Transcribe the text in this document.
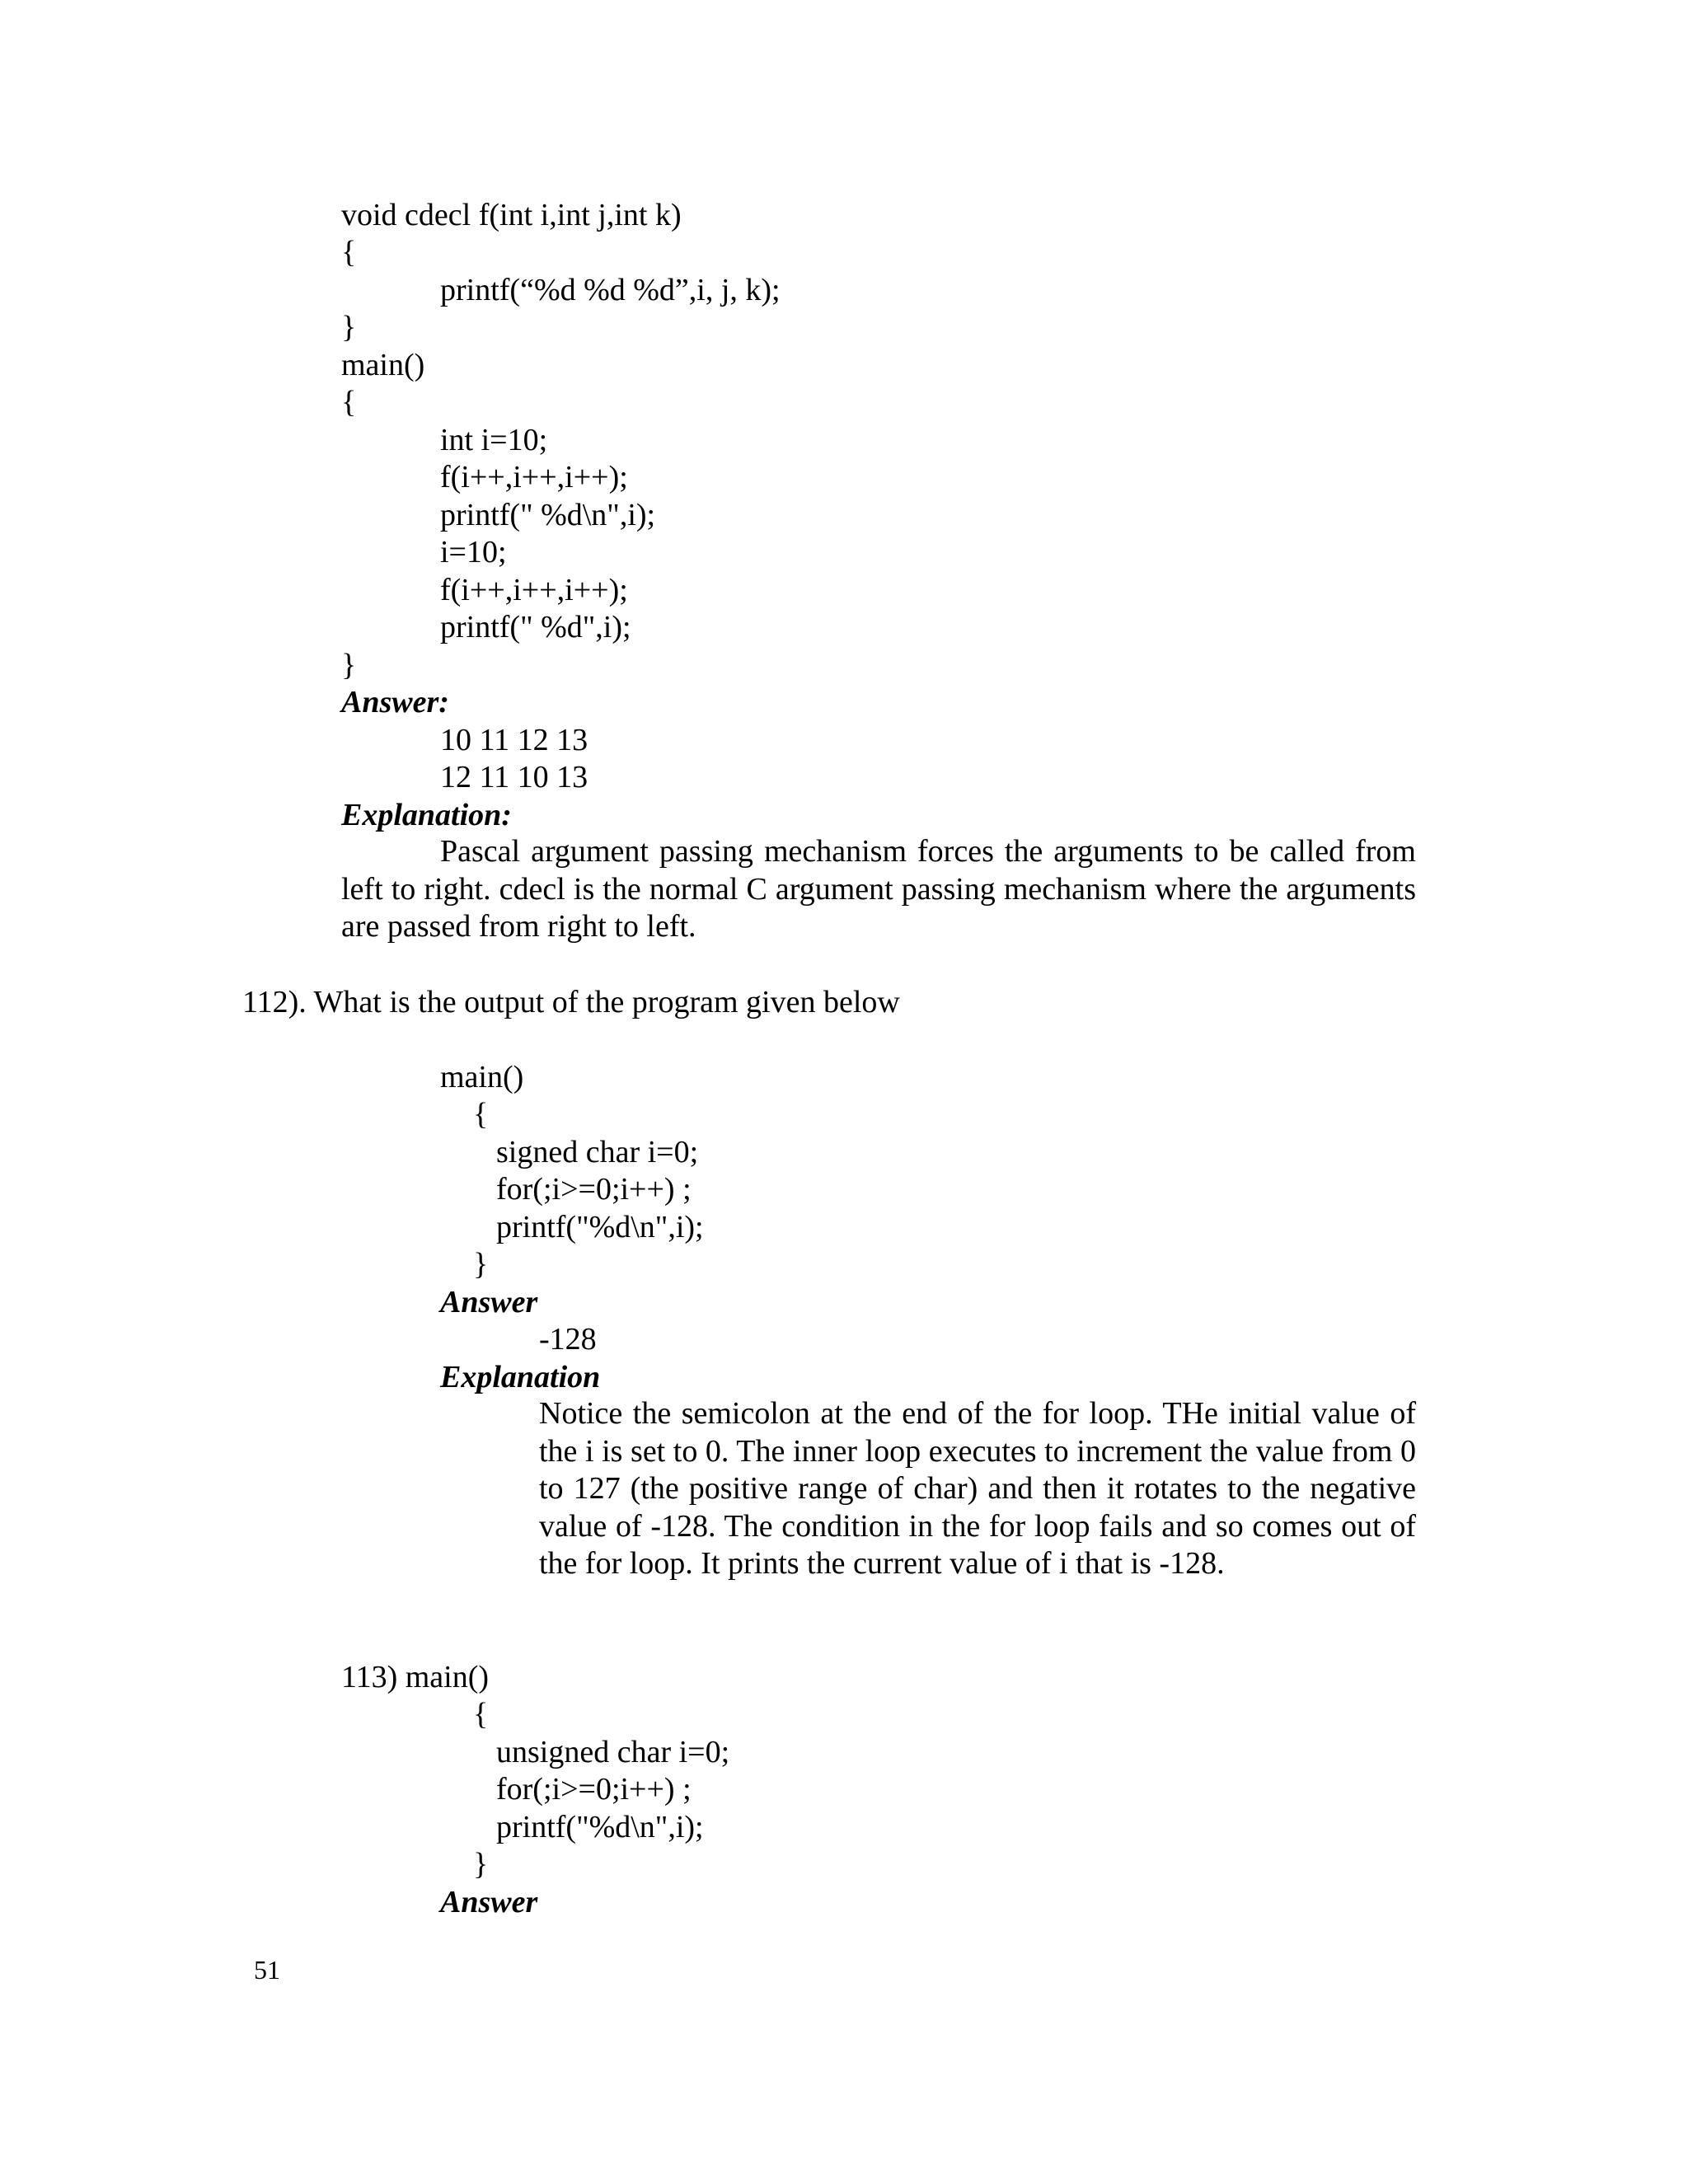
void cdecl f(int i,int j,int k)
{
printf(“%d %d %d”,i, j, k);
}
main()
{
int i=10;
f(i++,i++,i++);
printf(" %d\n",i);
i=10;
f(i++,i++,i++);
printf(" %d",i);
}
Answer:
10 11 12 13
12 11 10 13
Explanation:
Pascal argument passing mechanism forces the arguments to be called from left to right. cdecl is the normal C argument passing mechanism where the arguments are passed from right to left.
112). What is the output of the program given below
main()
{
signed char i=0;
for(;i>=0;i++) ;
printf("%d\n",i);
}
Answer
-128
Explanation
Notice the semicolon at the end of the for loop. THe initial value of the i is set to 0. The inner loop executes to increment the value from 0 to 127 (the positive range of char) and then it rotates to the negative value of -128. The condition in the for loop fails and so comes out of the for loop. It prints the current value of i that is -128.
113) main()
{
unsigned char i=0;
for(;i>=0;i++) ;
printf("%d\n",i);
}
Answer
51
